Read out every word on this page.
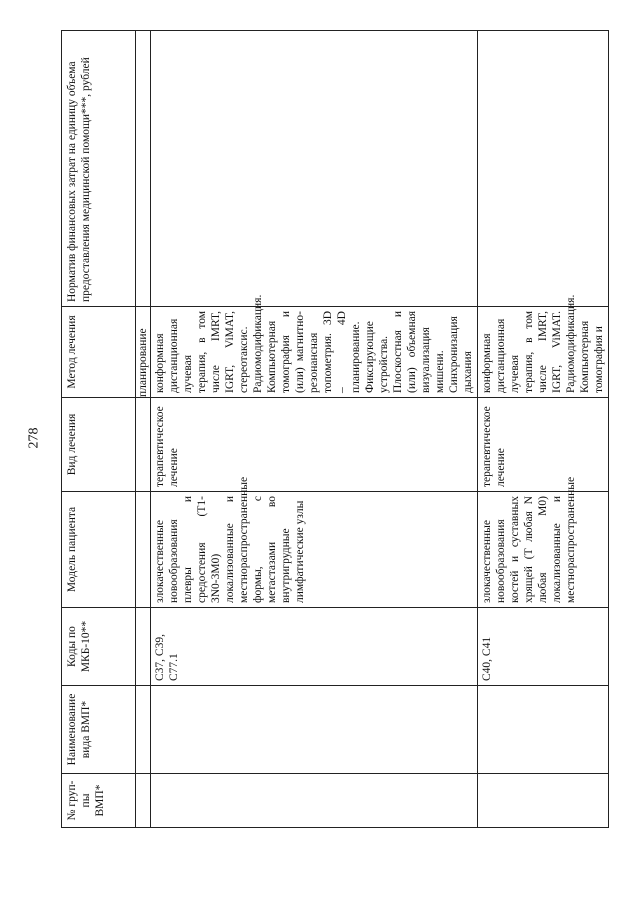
278
№ груп-пы ВМП*	Наименование вида ВМП*	Коды по МКБ-10**	Модель пациента	Вид лечения	Метод лечения	Норматив финансовых затрат на единицу объема предоставления медицинской помощи***, рублей
					планирование	
		C37, C39, C77.1	злокачественные новообразования плевры и средостения (T1-3N0-3M0) локализованные и местнораспространенные формы, с метастазами во внутригрудные лимфатические узлы	терапевтическое лечение	конформная дистанционная лучевая терапия, в том числе IMRT, IGRT, ViMAT, стереотаксис. Радиомодификация. Компьютерная томография и (или) магнитно-резонансная топометрия. 3D – 4D планирование. Фиксирующие устройства. Плоскостная и (или) объемная визуализация мишени. Синхронизация дыхания	
		C40, C41	злокачественные новообразования костей и суставных хрящей (T любая N любая M0) локализованные и местнораспространенные	терапевтическое лечение	конформная дистанционная лучевая терапия, в том числе IMRT, IGRT, ViMAT. Радиомодификация. Компьютерная томография и	
